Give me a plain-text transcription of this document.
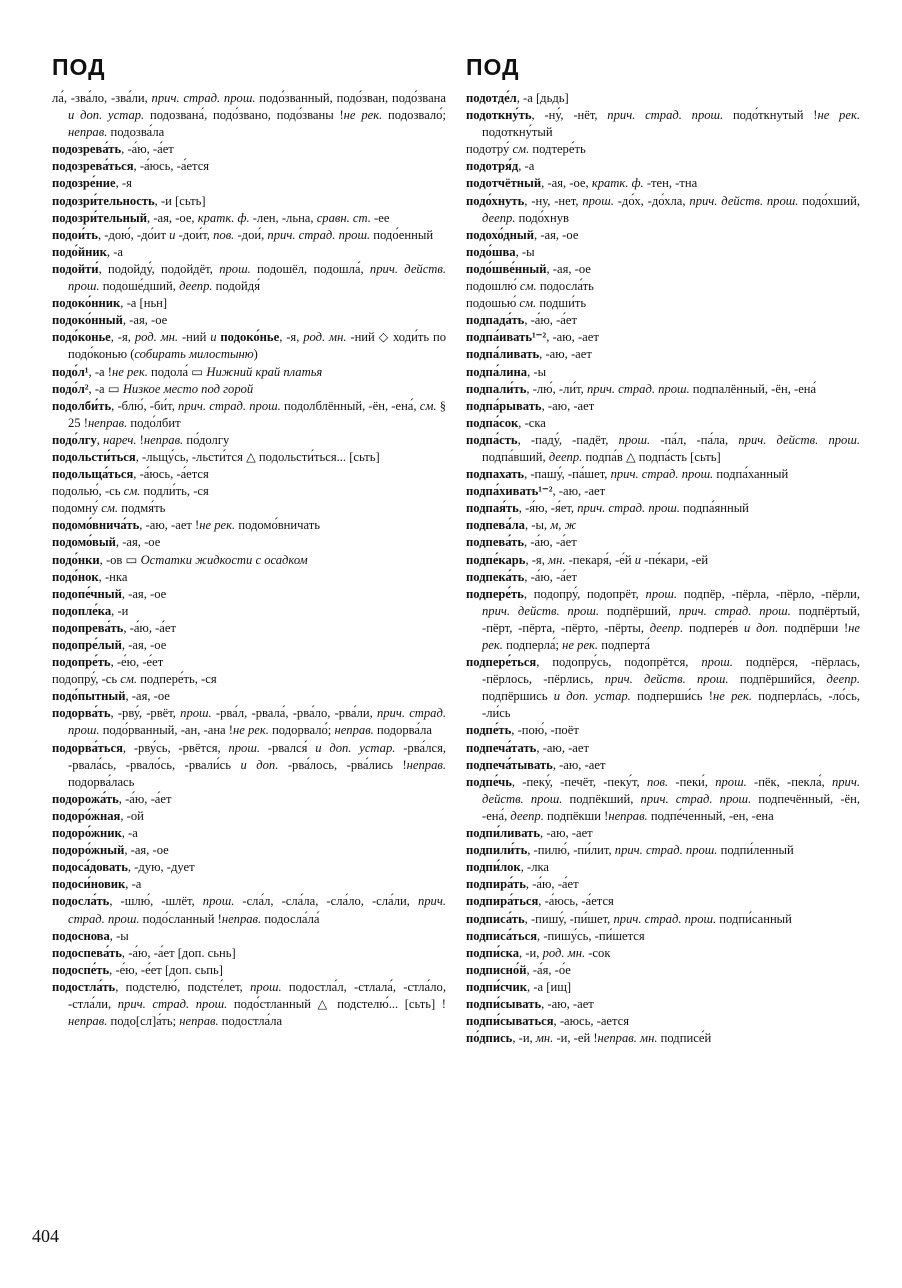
ПОД
ла́, -зва́ло, -зва́ли, прич. страд. прош. подо́званный, подо́зван, подо́звана и доп. устар. подозвана́, подо́звано, подо́званы !не рек. подозвало́; неправ. подозва́ла
подозрева́ть, -а́ю, -а́ет
подозрева́ться, -а́юсь, -а́ется
подозре́ние, -я
подозри́тельность, -и [сьть]
подозри́тельный, -ая, -ое, кратк. ф. -лен, -льна, сравн. ст. -ее
подои́ть, -дою́, -до́ит и -дои́т, пов. -дои́, прич. страд. прош. подо́енный
подо́йник, -а
подойти́, подойду́, подойдёт, прош. подошёл, подошла́, прич. действ. прош. подоше́дший, деепр. подойдя́
подоко́нник, -а [ньн]
подоко́нный, -ая, -ое
подо́конье, -я, род. мн. -ний и подоко́нье, -я, род. мн. -ний ◇ ходи́ть по подо́конью (собирать милостыню)
подо́л¹, -а !не рек. подола́ ▭ Нижний край платья
подо́л², -а ▭ Низкое место под горой
подолби́ть, -блю́, -би́т, прич. страд. прош. подолблённый, -ён, -ена́, см. § 25 !неправ. подо́лбит
подо́лгу, нареч. !неправ. по́долгу
подольсти́ться, -льщу́сь, -льсти́тся △ подольсти́ться... [сьть]
подольща́ться, -а́юсь, -а́ется
подолью́, -сь см. подли́ть, -ся
подомну́ см. подмя́ть
подомо́внича́ть, -аю, -ает !не рек. подомо́вничать
подомо́вый, -ая, -ое
подо́нки, -ов ▭ Остатки жидкости с осадком
подо́нок, -нка
подопе́чный, -ая, -ое
подопле́ка, -и
подопрева́ть, -а́ю, -а́ет
подопре́лый, -ая, -ое
подопре́ть, -е́ю, -е́ет
подопру́, -сь см. подпере́ть, -ся
подо́пытный, -ая, -ое
подорва́ть, -рву́, -рвёт, прош. -рва́л, -рвала́, -рва́ло, -рва́ли, прич. страд. прош. подо́рванный, -ан, -ана !не рек. подорвало́; неправ. подорва́ла
подорва́ться, -рву́сь, -рвётся, прош. -рвался́ и доп. устар. -рва́лся, -рвала́сь, -рвало́сь, -рвали́сь и доп. -рва́лось, -рва́лись !неправ. подорва́лась
подорожа́ть, -а́ю, -а́ет
подоро́жная, -ой
подоро́жник, -а
подоро́жный, -ая, -ое
подоса́довать, -дую, -дует
подоси́новик, -а
подосла́ть, -шлю́, -шлёт, прош. -сла́л, -сла́ла, -сла́ло, -сла́ли, прич. страд. прош. подо́сланный !неправ. подосла́ла́
подоснова, -ы
подоспева́ть, -а́ю, -а́ет [доп. сьнь]
подоспе́ть, -е́ю, -е́ет [доп. сьпь]
подостла́ть, подстелю́, подсте́лет, прош. подостла́л, -стлала́, -стла́ло, -стла́ли, прич. страд. прош. подо́стланный △ подстелю́... [сьть] !неправ. подо[сл]а́ть; неправ. подостла́ла
ПОД
подотде́л, -а [дьдь]
подоткну́ть, -ну́, -нёт, прич. страд. прош. подо́ткнутый !не рек. подоткну́тый
подотру́ см. подтере́ть
подотря́д, -а
подотчётный, -ая, -ое, кратк. ф. -тен, -тна
подо́хнуть, -ну, -нет, прош. -до́х, -до́хла, прич. действ. прош. подо́хший, деепр. подо́хнув
подохо́дный, -ая, -ое
подо́шва, -ы
подо́шве́нный, -ая, -ое
подошлю́ см. подосла́ть
подошью́ см. подши́ть
подпада́ть, -а́ю, -а́ет
подпа́ивать¹⁻², -аю, -ает
подпа́ливать, -аю, -ает
подпа́лина, -ы
подпали́ть, -лю́, -ли́т, прич. страд. прош. подпалённый, -ён, -ена́
подпа́рывать, -аю, -ает
подпа́сок, -ска
подпа́сть, -паду́, -падёт, прош. -па́л, -па́ла, прич. действ. прош. подпа́вший, деепр. подпа́в △ подпа́сть [сьть]
подпахать, -пашу́, -па́шет, прич. страд. прош. подпа́ханный
подпа́хивать¹⁻², -аю, -ает
подпая́ть, -я́ю, -я́ет, прич. страд. прош. подпа́янный
подпева́ла, -ы, м, ж
подпева́ть, -а́ю, -а́ет
подпе́карь, -я, мн. -пекаря́, -е́й и -пе́кари, -ей
подпека́ть, -а́ю, -а́ет
подпере́ть, подопру́, подопрёт, прош. подпёр, -пёрла, -пёрло, -пёрли, прич. действ. прош. подпёрший, прич. страд. прош. подпёртый, -пёрт, -пёрта, -пёрто, -пёрты, деепр. подпере́в и доп. подпёрши !не рек. подперла́; не рек. подперта́
подпере́ться, подопру́сь, подопрётся, прош. подпёрся, -пёрлась, -пёрлось, -пёрлись, прич. действ. прош. подпёршийся, деепр. подпёршись и доп. устар. подперши́сь !не рек. подперла́сь, -ло́сь, -ли́сь
подпе́ть, -пою́, -поёт
подпеча́тать, -аю, -ает
подпеча́тывать, -аю, -ает
подпе́чь, -пеку́, -печёт, -пеку́т, пов. -пеки́, прош. -пёк, -пекла́, прич. действ. прош. подпёкший, прич. страд. прош. подпечённый, -ён, -ена́, деепр. подпёкши !неправ. подпе́ченный, -ен, -ена
подпи́ливать, -аю, -ает
подпили́ть, -пилю́, -пи́лит, прич. страд. прош. подпи́ленный
подпи́лок, -лка
подпира́ть, -а́ю, -а́ет
подпира́ться, -а́юсь, -а́ется
подписа́ть, -пишу́, -пи́шет, прич. страд. прош. подпи́санный
подписа́ться, -пишу́сь, -пи́шется
подпи́ска, -и, род. мн. -сок
подписно́й, -а́я, -о́е
подпи́счик, -а [ищ]
подпи́сывать, -аю, -ает
подпи́сываться, -аюсь, -ается
по́дпись, -и, мн. -и, -ей !неправ. мн. подписе́й
404
